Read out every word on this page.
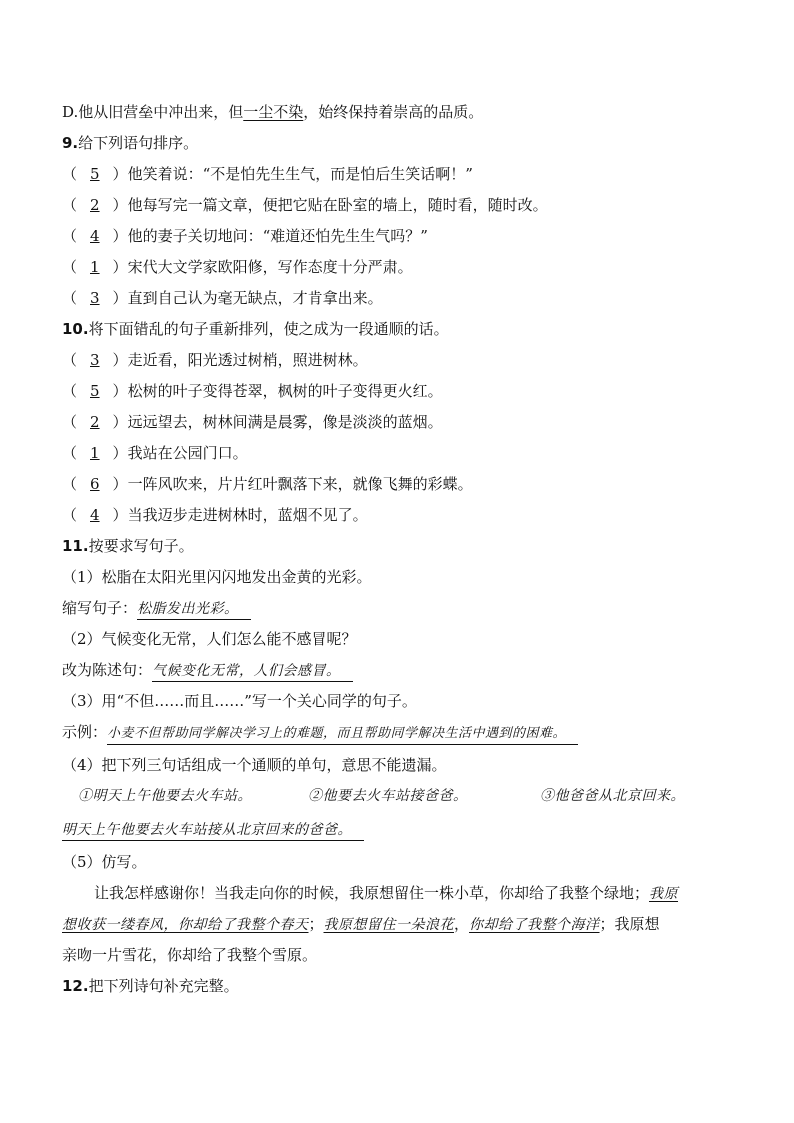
D.他从旧营垒中冲出来，但一尘不染，始终保持着崇高的品质。
9.给下列语句排序。
（ 5 ）他笑着说：“不是怕先生生气，而是怕后生笑话啊！”
（ 2 ）他每写完一篇文章，便把它贴在卧室的墙上，随时看，随时改。
（ 4 ）他的妻子关切地问：“难道还怕先生生气吗？”
（ 1 ）宋代大文学家欧阳修，写作态度十分严肃。
（ 3 ）直到自己认为毫无缺点，才肯拿出来。
10.将下面错乱的句子重新排列，使之成为一段通顺的话。
（ 3 ）走近看，阳光透过树梢，照进树林。
（ 5 ）松树的叶子变得苍翠，枫树的叶子变得更火红。
（ 2 ）远远望去，树林间满是晨雾，像是淡淡的蓝烟。
（ 1 ）我站在公园门口。
（ 6 ）一阵风吹来，片片红叶飘落下来，就像飞舞的彩蝶。
（ 4 ）当我迈步走进树林时，蓝烟不见了。
11.按要求写句子。
（1）松脂在太阳光里闪闪地发出金黄的光彩。
缩写句子：松脂发出光彩。
（2）气候变化无常，人们怎么能不感冒呢？
改为陈述句：气候变化无常，人们会感冒。
（3）用“不但……而且……”写一个关心同学的句子。
示例：小麦不但帮助同学解决学习上的难题，而且帮助同学解决生活中遇到的困难。
（4）把下列三句话组成一个通顺的单句，意思不能遗漏。
①明天上午他要去火车站。	②他要去火车站接爸爸。	③他爸爸从北京回来。
明天上午他要去火车站接从北京回来的爸爸。
（5）仿写。
让我怎样感谢你！当我走向你的时候，我原想留住一株小草，你却给了我整个绿地；我原
想收获一缕春风，你却给了我整个春天；我原想留住一朵浪花，你却给了我整个海洋；我原想
亲吻一片雪花，你却给了我整个雪原。
12.把下列诗句补充完整。
